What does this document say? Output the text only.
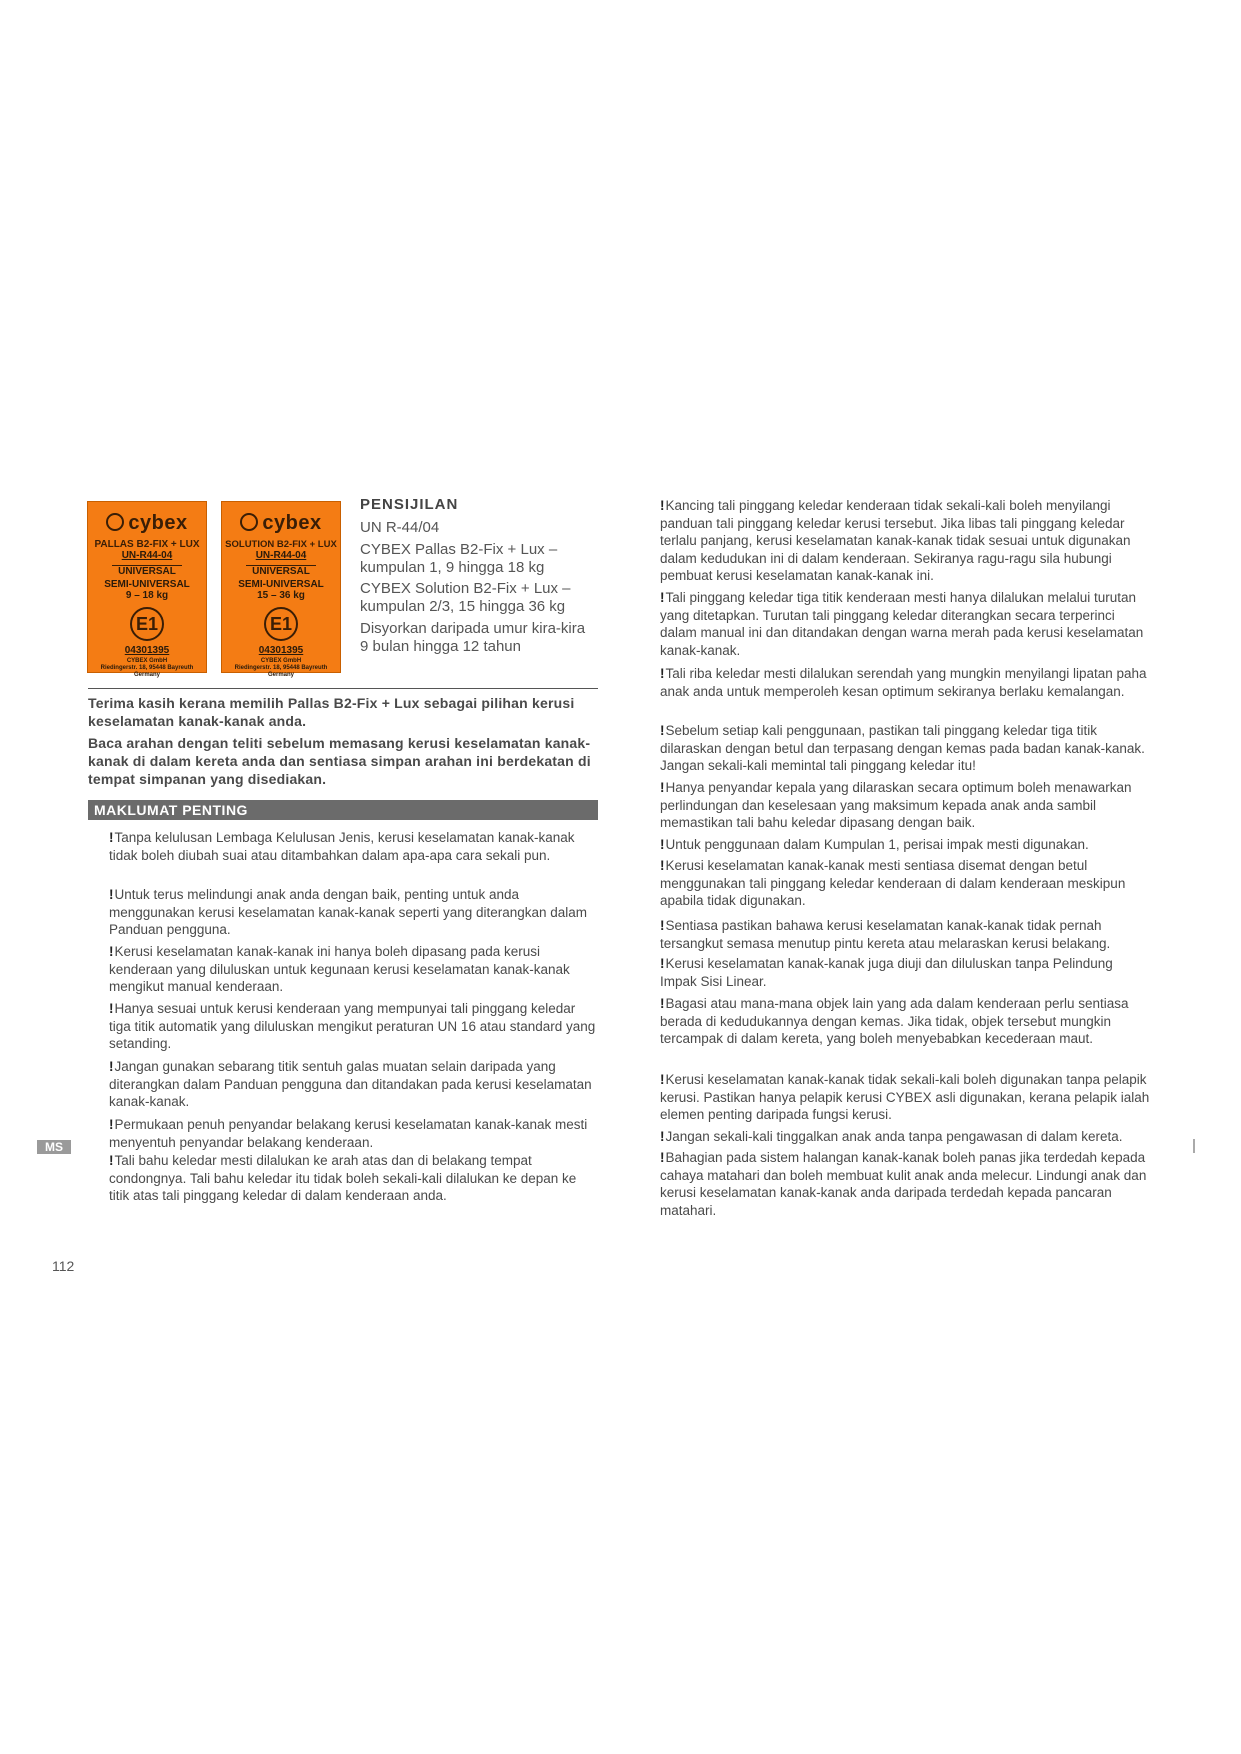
cybex
PALLAS B2-FIX + LUX
UN-R44-04
UNIVERSAL
SEMI-UNIVERSAL
9 – 18 kg
E1
04301395
CYBEX GmbH
Riedingerstr. 18, 95448 Bayreuth
Germany
cybex
SOLUTION B2-FIX + LUX
UN-R44-04
UNIVERSAL
SEMI-UNIVERSAL
15 – 36 kg
E1
04301395
CYBEX GmbH
Riedingerstr. 18, 95448 Bayreuth
Germany
PENSIJILAN
UN R-44/04
CYBEX Pallas B2-Fix + Lux –
kumpulan 1, 9 hingga 18 kg
CYBEX Solution B2-Fix + Lux –
kumpulan 2/3, 15 hingga 36 kg
Disyorkan daripada umur kira-kira
9 bulan hingga 12 tahun
Terima kasih kerana memilih Pallas B2-Fix + Lux sebagai pilihan kerusi keselamatan kanak-kanak anda.
Baca arahan dengan teliti sebelum memasang kerusi keselamatan kanak-kanak di dalam kereta anda dan sentiasa simpan arahan ini berdekatan di tempat simpanan yang disediakan.
MAKLUMAT PENTING
!Tanpa kelulusan Lembaga Kelulusan Jenis, kerusi keselamatan kanak-kanak tidak boleh diubah suai atau ditambahkan dalam apa-apa cara sekali pun.
!Untuk terus melindungi anak anda dengan baik, penting untuk anda menggunakan kerusi keselamatan kanak-kanak seperti yang diterangkan dalam Panduan pengguna.
!Kerusi keselamatan kanak-kanak ini hanya boleh dipasang pada kerusi kenderaan yang diluluskan untuk kegunaan kerusi keselamatan kanak-kanak mengikut manual kenderaan.
!Hanya sesuai untuk kerusi kenderaan yang mempunyai tali pinggang keledar tiga titik automatik yang diluluskan mengikut peraturan UN 16 atau standard yang setanding.
!Jangan gunakan sebarang titik sentuh galas muatan selain daripada yang diterangkan dalam Panduan pengguna dan ditandakan pada kerusi keselamatan kanak-kanak.
!Permukaan penuh penyandar belakang kerusi keselamatan kanak-kanak mesti menyentuh penyandar belakang kenderaan.
!Tali bahu keledar mesti dilalukan ke arah atas dan di belakang tempat condongnya. Tali bahu keledar itu tidak boleh sekali-kali dilalukan ke depan ke titik atas tali pinggang keledar di dalam kenderaan anda.
!Kancing tali pinggang keledar kenderaan tidak sekali-kali boleh menyilangi panduan tali pinggang keledar kerusi tersebut. Jika libas tali pinggang keledar terlalu panjang, kerusi keselamatan kanak-kanak tidak sesuai untuk digunakan dalam kedudukan ini di dalam kenderaan. Sekiranya ragu-ragu sila hubungi pembuat kerusi keselamatan kanak-kanak ini.
!Tali pinggang keledar tiga titik kenderaan mesti hanya dilalukan melalui turutan yang ditetapkan. Turutan tali pinggang keledar diterangkan secara terperinci dalam manual ini dan ditandakan dengan warna merah pada kerusi keselamatan kanak-kanak.
!Tali riba keledar mesti dilalukan serendah yang mungkin menyilangi lipatan paha anak anda untuk memperoleh kesan optimum sekiranya berlaku kemalangan.
!Sebelum setiap kali penggunaan, pastikan tali pinggang keledar tiga titik dilaraskan dengan betul dan terpasang dengan kemas pada badan kanak-kanak. Jangan sekali-kali memintal tali pinggang keledar itu!
!Hanya penyandar kepala yang dilaraskan secara optimum boleh menawarkan perlindungan dan keselesaan yang maksimum kepada anak anda sambil memastikan tali bahu keledar dipasang dengan baik.
!Untuk penggunaan dalam Kumpulan 1, perisai impak mesti digunakan.
!Kerusi keselamatan kanak-kanak mesti sentiasa disemat dengan betul menggunakan tali pinggang keledar kenderaan di dalam kenderaan meskipun apabila tidak digunakan.
!Sentiasa pastikan bahawa kerusi keselamatan kanak-kanak tidak pernah tersangkut semasa menutup pintu kereta atau melaraskan kerusi belakang.
!Kerusi keselamatan kanak-kanak juga diuji dan diluluskan tanpa Pelindung Impak Sisi Linear.
!Bagasi atau mana-mana objek lain yang ada dalam kenderaan perlu sentiasa berada di kedudukannya dengan kemas. Jika tidak, objek tersebut mungkin tercampak di dalam kereta, yang boleh menyebabkan kecederaan maut.
!Kerusi keselamatan kanak-kanak tidak sekali-kali boleh digunakan tanpa pelapik kerusi. Pastikan hanya pelapik kerusi CYBEX asli digunakan, kerana pelapik ialah elemen penting daripada fungsi kerusi.
!Jangan sekali-kali tinggalkan anak anda tanpa pengawasan di dalam kereta.
!Bahagian pada sistem halangan kanak-kanak boleh panas jika terdedah kepada cahaya matahari dan boleh membuat kulit anak anda melecur. Lindungi anak dan kerusi keselamatan kanak-kanak anda daripada terdedah kepada pancaran matahari.
MS
112
